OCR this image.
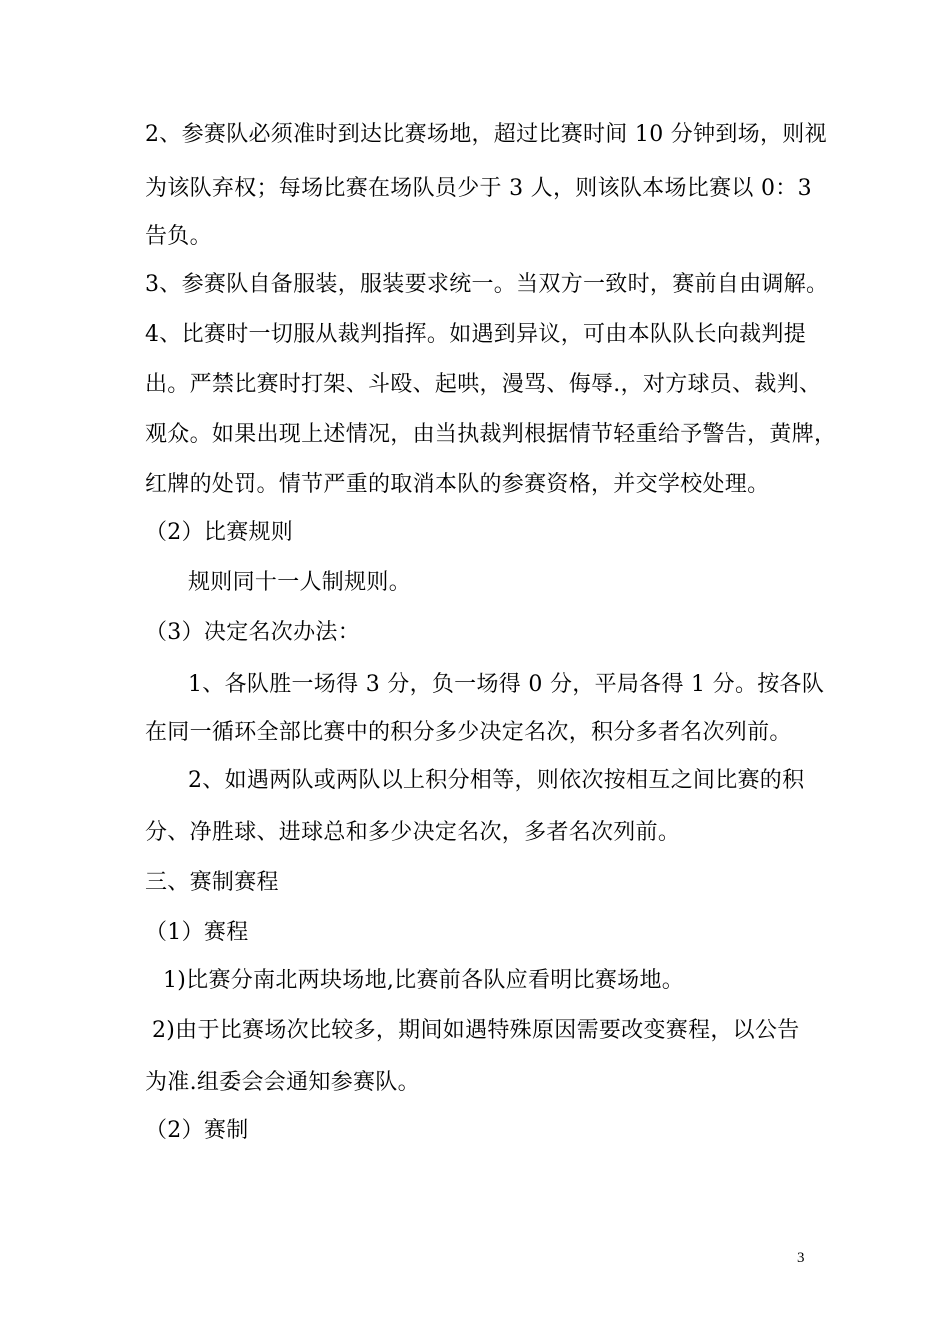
2、参赛队必须准时到达比赛场地，超过比赛时间 10 分钟到场，则视
为该队弃权；每场比赛在场队员少于 3 人，则该队本场比赛以 0：3
告负。
3、参赛队自备服装，服装要求统一。当双方一致时，赛前自由调解。
4、比赛时一切服从裁判指挥。如遇到异议，可由本队队长向裁判提
出。严禁比赛时打架、斗殴、起哄，漫骂、侮辱.，对方球员、裁判、
观众。如果出现上述情况，由当执裁判根据情节轻重给予警告，黄牌，
红牌的处罚。情节严重的取消本队的参赛资格，并交学校处理。
（2）比赛规则
规则同十一人制规则。
（3）决定名次办法：
1、各队胜一场得 3 分，负一场得 0 分，平局各得 1 分。按各队
在同一循环全部比赛中的积分多少决定名次，积分多者名次列前。
2、如遇两队或两队以上积分相等，则依次按相互之间比赛的积
分、净胜球、进球总和多少决定名次，多者名次列前。
三、赛制赛程
（1）赛程
1)比赛分南北两块场地,比赛前各队应看明比赛场地。
2)由于比赛场次比较多，期间如遇特殊原因需要改变赛程，以公告
为准.组委会会通知参赛队。
（2）赛制
3
